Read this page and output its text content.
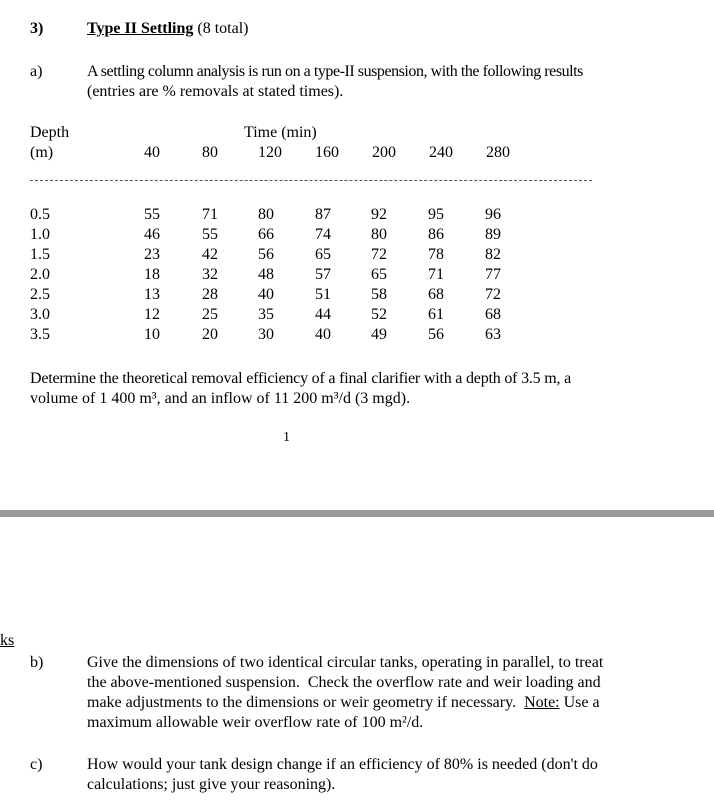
3)	Type II Settling (8 total)
a)	A settling column analysis is run on a type-II suspension, with the following results
(entries are % removals at stated times).
Depth
(m)
Time (min)
40	80	120	160	200	240	280
0.5	55	71	80	87	92	95	96
1.0	46	55	66	74	80	86	89
1.5	23	42	56	65	72	78	82
2.0	18	32	48	57	65	71	77
2.5	13	28	40	51	58	68	72
3.0	12	25	35	44	52	61	68
3.5	10	20	30	40	49	56	63
Determine the theoretical removal efficiency of a final clarifier with a depth of 3.5 m, a
volume of 1 400 m³, and an inflow of 11 200 m³/d (3 mgd).
1
ks
b)	Give the dimensions of two identical circular tanks, operating in parallel, to treat
the above-mentioned suspension.  Check the overflow rate and weir loading and
make adjustments to the dimensions or weir geometry if necessary.  Note: Use a
maximum allowable weir overflow rate of 100 m²/d.
c)	How would your tank design change if an efficiency of 80% is needed (don't do
calculations; just give your reasoning).
